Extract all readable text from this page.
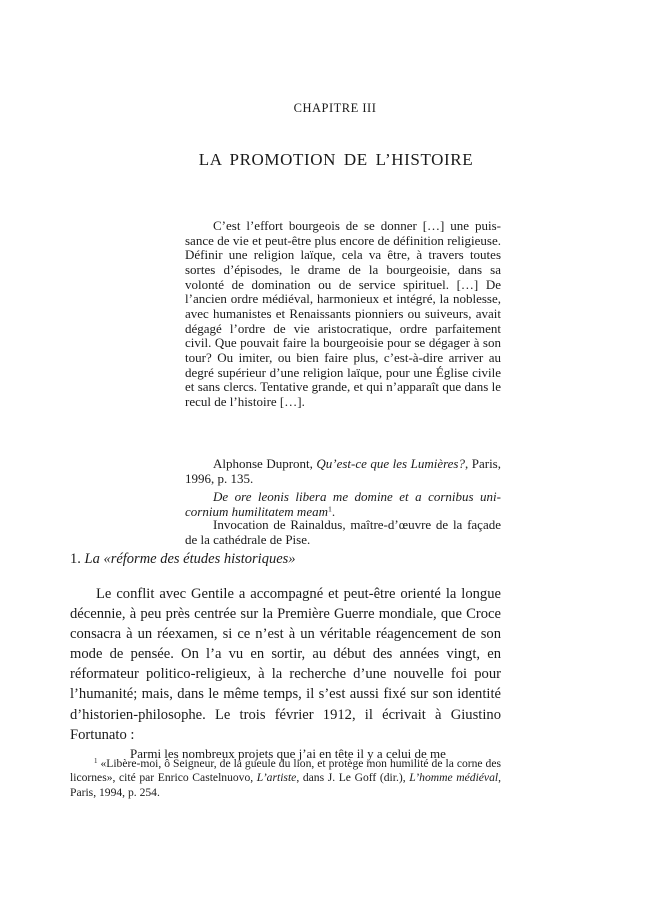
CHAPITRE III
LA PROMOTION DE L’HISTOIRE

C’est l’effort bourgeois de se donner […] une puissance de vie et peut-être plus encore de définition religieuse. Définir une religion laïque, cela va être, à travers toutes sortes d’épisodes, le drame de la bourgeoisie, dans sa volonté de domination ou de service spirituel. […] De l’ancien ordre médiéval, harmonieux et intégré, la noblesse, avec humanistes et Renaissants pionniers ou suiveurs, avait dégagé l’ordre de vie aristocratique, ordre parfaitement civil. Que pouvait faire la bourgeoisie pour se dégager à son tour? Ou imiter, ou bien faire plus, c’est-à-dire arriver au degré supérieur d’une religion laïque, pour une Église civile et sans clercs. Tentative grande, et qui n’apparaît que dans le recul de l’histoire […].

Alphonse Dupront, Qu’est-ce que les Lumières?, Paris, 1996, p. 135.

De ore leonis libera me domine et a cornibus unicornium humilitatem meam$^1$.

Invocation de Rainaldus, maître-d’œuvre de la façade de la cathédrale de Pise.

1. La «réforme des études historiques»

Le conflit avec Gentile a accompagné et peut-être orienté la longue décennie, à peu près centrée sur la Première Guerre mondiale, que Croce consacra à un réexamen, si ce n’est à un véritable réagencement de son mode de pensée. On l’a vu en sortir, au début des années vingt, en réformateur politico-religieux, à la recherche d’une nouvelle foi pour l’humanité; mais, dans le même temps, il s’est aussi fixé sur son identité d’historien-philosophe. Le trois février 1912, il écrivait à Giustino Fortunato :

Parmi les nombreux projets que j’ai en tête il y a celui de me

$^1$ «Libère-moi, ô Seigneur, de la gueule du lion, et protège mon humilité de la corne des licornes», cité par Enrico Castelnuovo, L’artiste, dans J. Le Goff (dir.), L’homme médiéval, Paris, 1994, p. 254.
